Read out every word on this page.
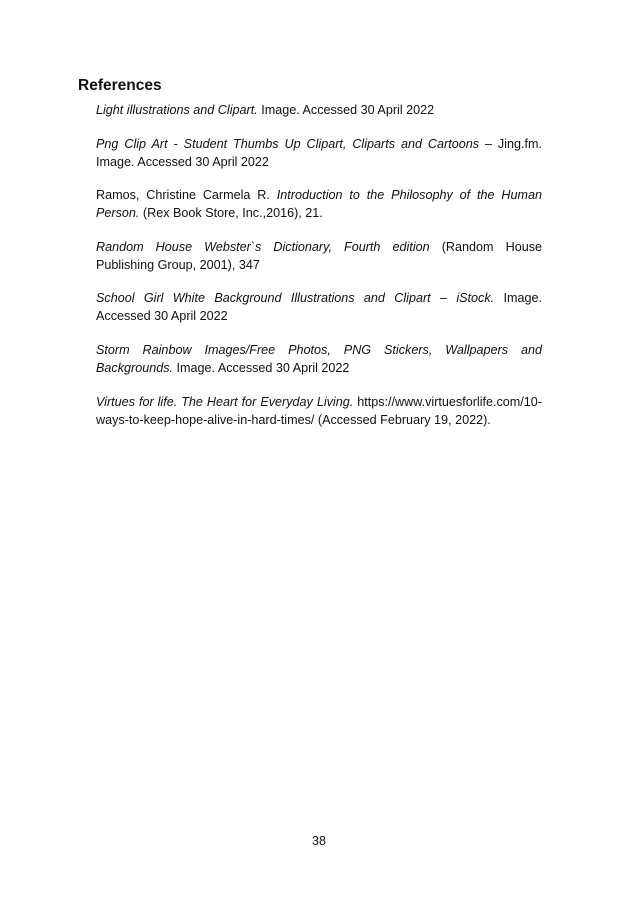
References
Light illustrations and Clipart. Image. Accessed 30 April 2022
Png Clip Art - Student Thumbs Up Clipart, Cliparts and Cartoons – Jing.fm. Image. Accessed 30 April 2022
Ramos, Christine Carmela R. Introduction to the Philosophy of the Human Person. (Rex Book Store, Inc.,2016), 21.
Random House Webster`s Dictionary, Fourth edition (Random House Publishing Group, 2001), 347
School Girl White Background Illustrations and Clipart – iStock. Image. Accessed 30 April 2022
Storm Rainbow Images/Free Photos, PNG Stickers, Wallpapers and Backgrounds. Image. Accessed 30 April 2022
Virtues for life. The Heart for Everyday Living. https://www.virtuesforlife.com/10-ways-to-keep-hope-alive-in-hard-times/ (Accessed February 19, 2022).
38
